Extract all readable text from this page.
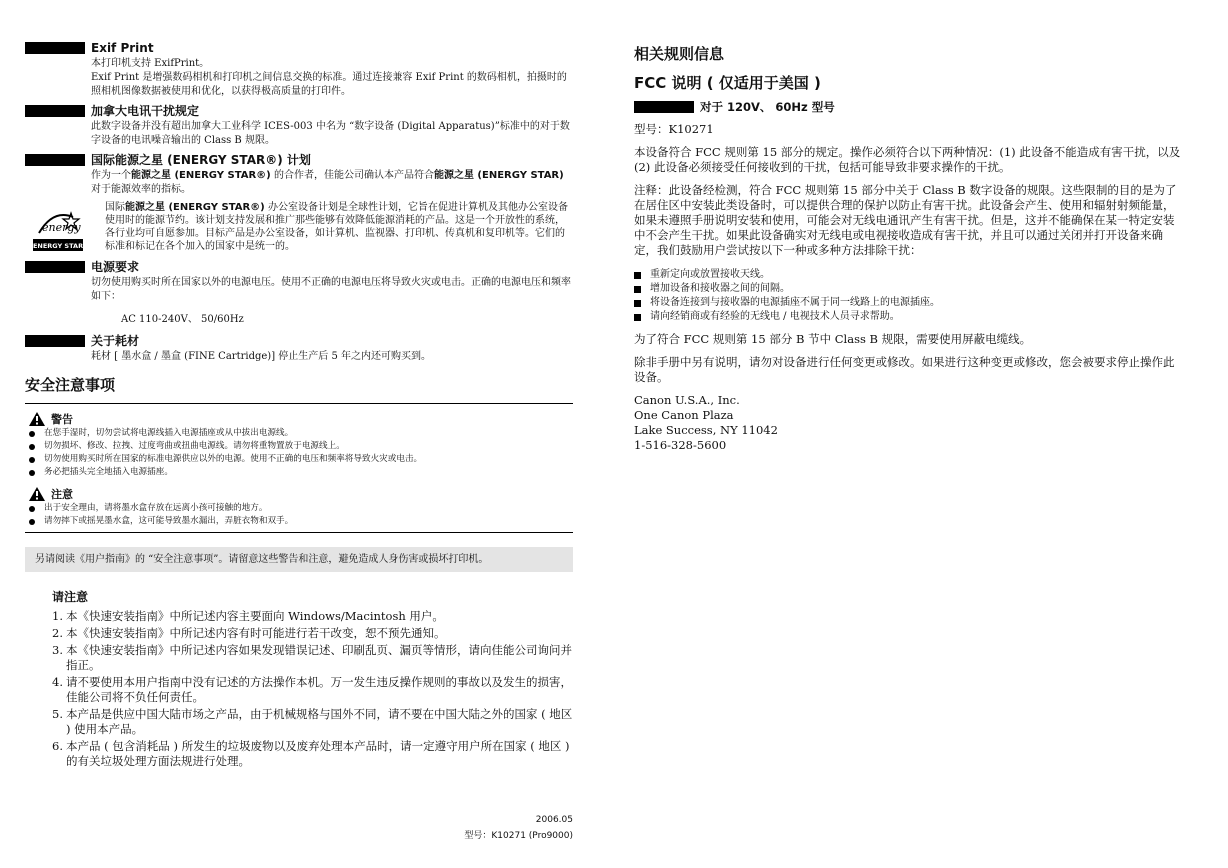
Exif Print
本打印机支持 ExifPrint。
Exif Print 是增强数码相机和打印机之间信息交换的标准。通过连接兼容 Exif Print 的数码相机，拍摄时的照相机图像数据被使用和优化，以获得极高质量的打印件。
加拿大电讯干扰规定
此数字设备并没有超出加拿大工业科学 ICES-003 中名为 “数字设备 (Digital Apparatus)”标准中的对于数字设备的电讯噪音输出的 Class B 规限。
国际能源之星 (ENERGY STAR®) 计划
作为一个能源之星 (ENERGY STAR®) 的合作者，佳能公司确认本产品符合能源之星 (ENERGY STAR) 对于能源效率的指标。
energy
ENERGY STAR
国际能源之星 (ENERGY STAR®) 办公室设备计划是全球性计划，它旨在促进计算机及其他办公室设备使用时的能源节约。该计划支持发展和推广那些能够有效降低能源消耗的产品。这是一个开放性的系统，各行业均可自愿参加。目标产品是办公室设备，如计算机、监视器、打印机、传真机和复印机等。它们的标准和标记在各个加入的国家中是统一的。
电源要求
切勿使用购买时所在国家以外的电源电压。使用不正确的电源电压将导致火灾或电击。正确的电源电压和频率如下：
AC 110-240V、 50/60Hz
关于耗材
耗材 [ 墨水盒 / 墨盒 (FINE Cartridge)] 停止生产后 5 年之内还可购买到。
安全注意事项
警告
在您手湿时，切勿尝试将电源线插入电源插座或从中拔出电源线。
切勿损坏、修改、拉拽、过度弯曲或扭曲电源线。请勿将重物置放于电源线上。
切勿使用购买时所在国家的标准电源供应以外的电源。使用不正确的电压和频率将导致火灾或电击。
务必把插头完全地插入电源插座。
注意
出于安全理由，请将墨水盒存放在远离小孩可接触的地方。
请勿摔下或摇晃墨水盒，这可能导致墨水漏出，弄脏衣物和双手。
另请阅读《用户指南》的 “安全注意事项”。请留意这些警告和注意，避免造成人身伤害或损坏打印机。
请注意
1. 本《快速安装指南》中所记述内容主要面向 Windows/Macintosh 用户。
2. 本《快速安装指南》中所记述内容有时可能进行若干改变，恕不预先通知。
3. 本《快速安装指南》中所记述内容如果发现错误记述、印刷乱页、漏页等情形，请向佳能公司询问并指正。
4. 请不要使用本用户指南中没有记述的方法操作本机。万一发生违反操作规则的事故以及发生的损害，佳能公司将不负任何责任。
5. 本产品是供应中国大陆市场之产品，由于机械规格与国外不同，请不要在中国大陆之外的国家 ( 地区 ) 使用本产品。
6. 本产品 ( 包含消耗品 ) 所发生的垃圾废物以及废弃处理本产品时，请一定遵守用户所在国家 ( 地区 ) 的有关垃圾处理方面法规进行处理。
2006.05
型号：K10271 (Pro9000)
相关规则信息
FCC 说明 ( 仅适用于美国 )
对于 120V、 60Hz 型号
型号：K10271
本设备符合 FCC 规则第 15 部分的规定。操作必须符合以下两种情况：(1) 此设备不能造成有害干扰，以及 (2) 此设备必须接受任何接收到的干扰，包括可能导致非要求操作的干扰。
注释：此设备经检测，符合 FCC 规则第 15 部分中关于 Class B 数字设备的规限。这些限制的目的是为了在居住区中安装此类设备时，可以提供合理的保护以防止有害干扰。此设备会产生、使用和辐射射频能量，如果未遵照手册说明安装和使用，可能会对无线电通讯产生有害干扰。但是，这并不能确保在某一特定安装中不会产生干扰。如果此设备确实对无线电或电视接收造成有害干扰，并且可以通过关闭并打开设备来确定，我们鼓励用户尝试按以下一种或多种方法排除干扰：
重新定向或放置接收天线。
增加设备和接收器之间的间隔。
将设备连接到与接收器的电源插座不属于同一线路上的电源插座。
请向经销商或有经验的无线电 / 电视技术人员寻求帮助。
为了符合 FCC 规则第 15 部分 B 节中 Class B 规限，需要使用屏蔽电缆线。
除非手册中另有说明，请勿对设备进行任何变更或修改。如果进行这种变更或修改，您会被要求停止操作此设备。
Canon U.S.A., Inc.
One Canon Plaza
Lake Success, NY 11042
1-516-328-5600
